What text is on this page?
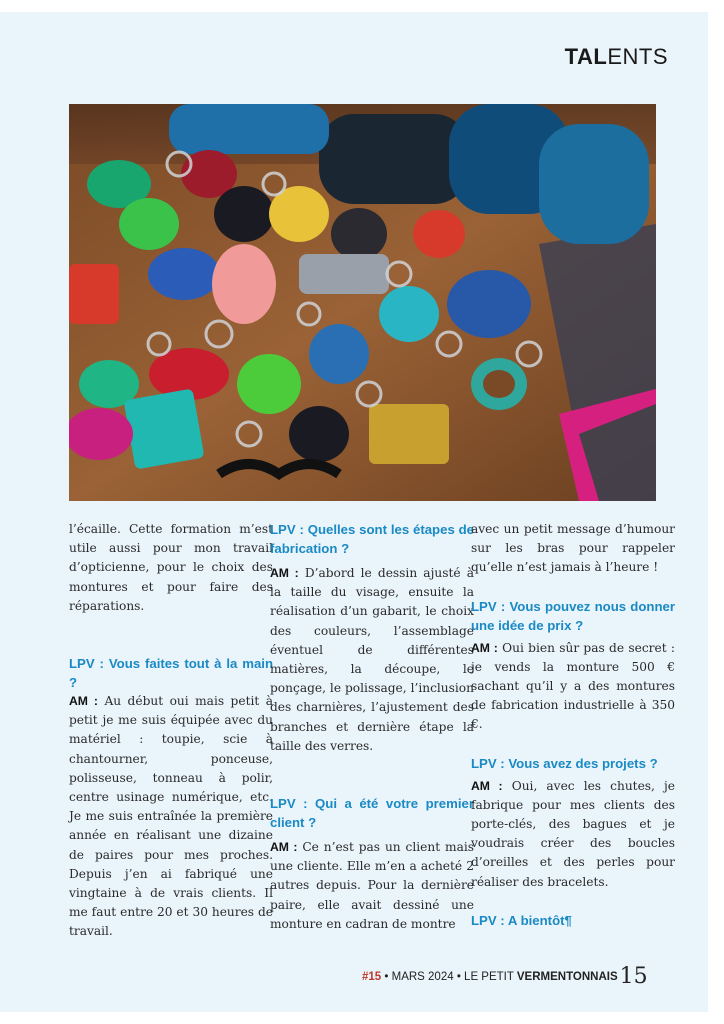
TALENTS

l’écaille. Cette formation m’est utile aussi pour mon travail d’opticienne, pour le choix des montures et pour faire des réparations.

LPV : Vous faites tout à la main ?

AM : Au début oui mais petit à petit je me suis équipée avec du matériel : toupie, scie à chantourner, ponceuse, polisseuse, tonneau à polir, centre usinage numérique, etc. Je me suis entraînée la première année en réalisant une dizaine de paires pour mes proches. Depuis j’en ai fabriqué une vingtaine à de vrais clients. Il me faut entre 20 et 30 heures de travail.

LPV : Quelles sont les étapes de fabrication ?

AM : D’abord le dessin ajusté à la taille du visage, ensuite la réalisation d’un gabarit, le choix des couleurs, l’assemblage éventuel de différentes matières, la découpe, le ponçage, le polissage, l’inclusion des charnières, l’ajustement des branches et dernière étape la taille des verres.

LPV : Qui a été votre premier client ?

AM : Ce n’est pas un client mais une cliente. Elle m’en a acheté 2 autres depuis. Pour la dernière paire, elle avait dessiné une monture en cadran de montre

avec un petit message d’humour sur les bras pour rappeler qu’elle n’est jamais à l’heure !

LPV : Vous pouvez nous donner une idée de prix ?

AM : Oui bien sûr pas de secret : je vends la monture 500 € sachant qu’il y a des montures de fabrication industrielle à 350 €.

LPV : Vous avez des projets ?

AM : Oui, avec les chutes, je fabrique pour mes clients des porte-clés, des bagues et je voudrais créer des boucles d’oreilles et des perles pour réaliser des bracelets.

LPV : A bientôt¶

#15 • MARS 2024 • LE PETIT VERMENTONNAIS15
